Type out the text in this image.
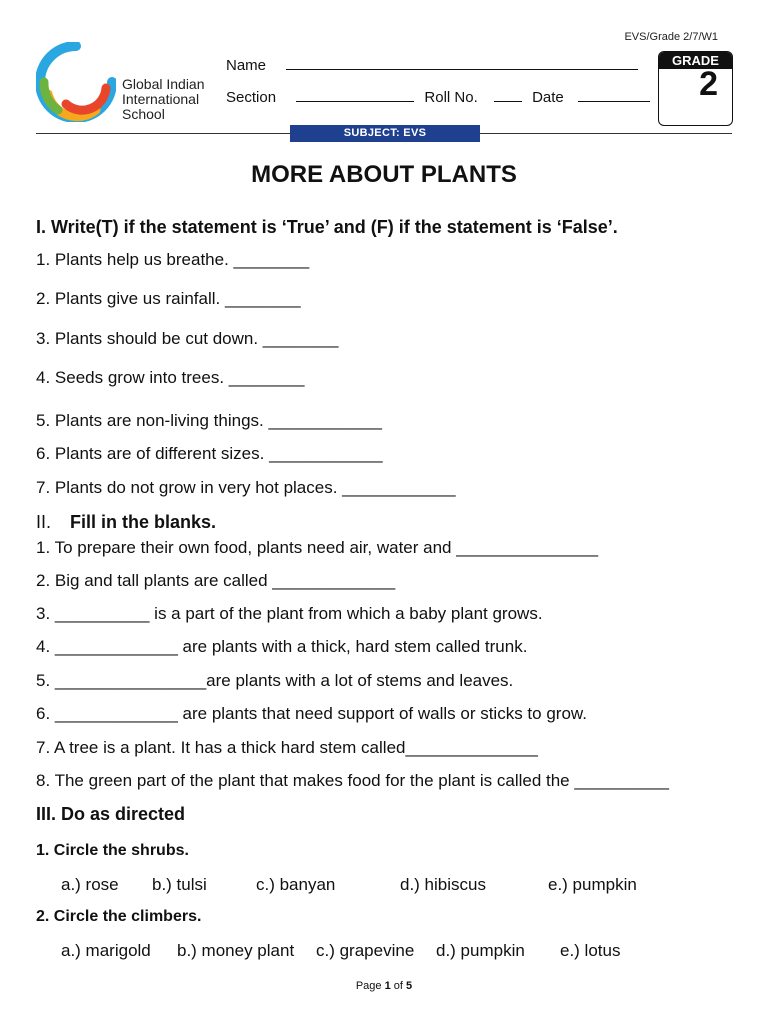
EVS/Grade 2/7/W1
Global Indian
International
School
Name
Section	Roll No.	Date
GRADE
2
SUBJECT: EVS
MORE ABOUT PLANTS
I. Write(T) if the statement is ‘True’ and (F) if the statement is ‘False’.
1. Plants help us breathe. ________
2. Plants give us rainfall. ________
3. Plants should be cut down. ________
4. Seeds grow into trees. ________
5. Plants are non-living things. ____________
6. Plants are of different sizes. ____________
7. Plants do not grow in very hot places. ____________
II. Fill in the blanks.
1. To prepare their own food, plants need air, water and _______________
2. Big and tall plants are called _____________
3. __________ is a part of the plant from which a baby plant grows.
4. _____________ are plants with a thick, hard stem called trunk.
5. ________________are plants with a lot of stems and leaves.
6. _____________ are plants that need support of walls or sticks to grow.
7. A tree is a plant. It has a thick hard stem called______________
8. The green part of the plant that makes food for the plant is called the __________
III. Do as directed
1. Circle the shrubs.
a.) rose b.) tulsi	c.) banyan	d.) hibiscus	e.) pumpkin
2. Circle the climbers.
a.) marigold b.) money plant c.) grapevine d.) pumpkin e.) lotus
Page 1 of 5
